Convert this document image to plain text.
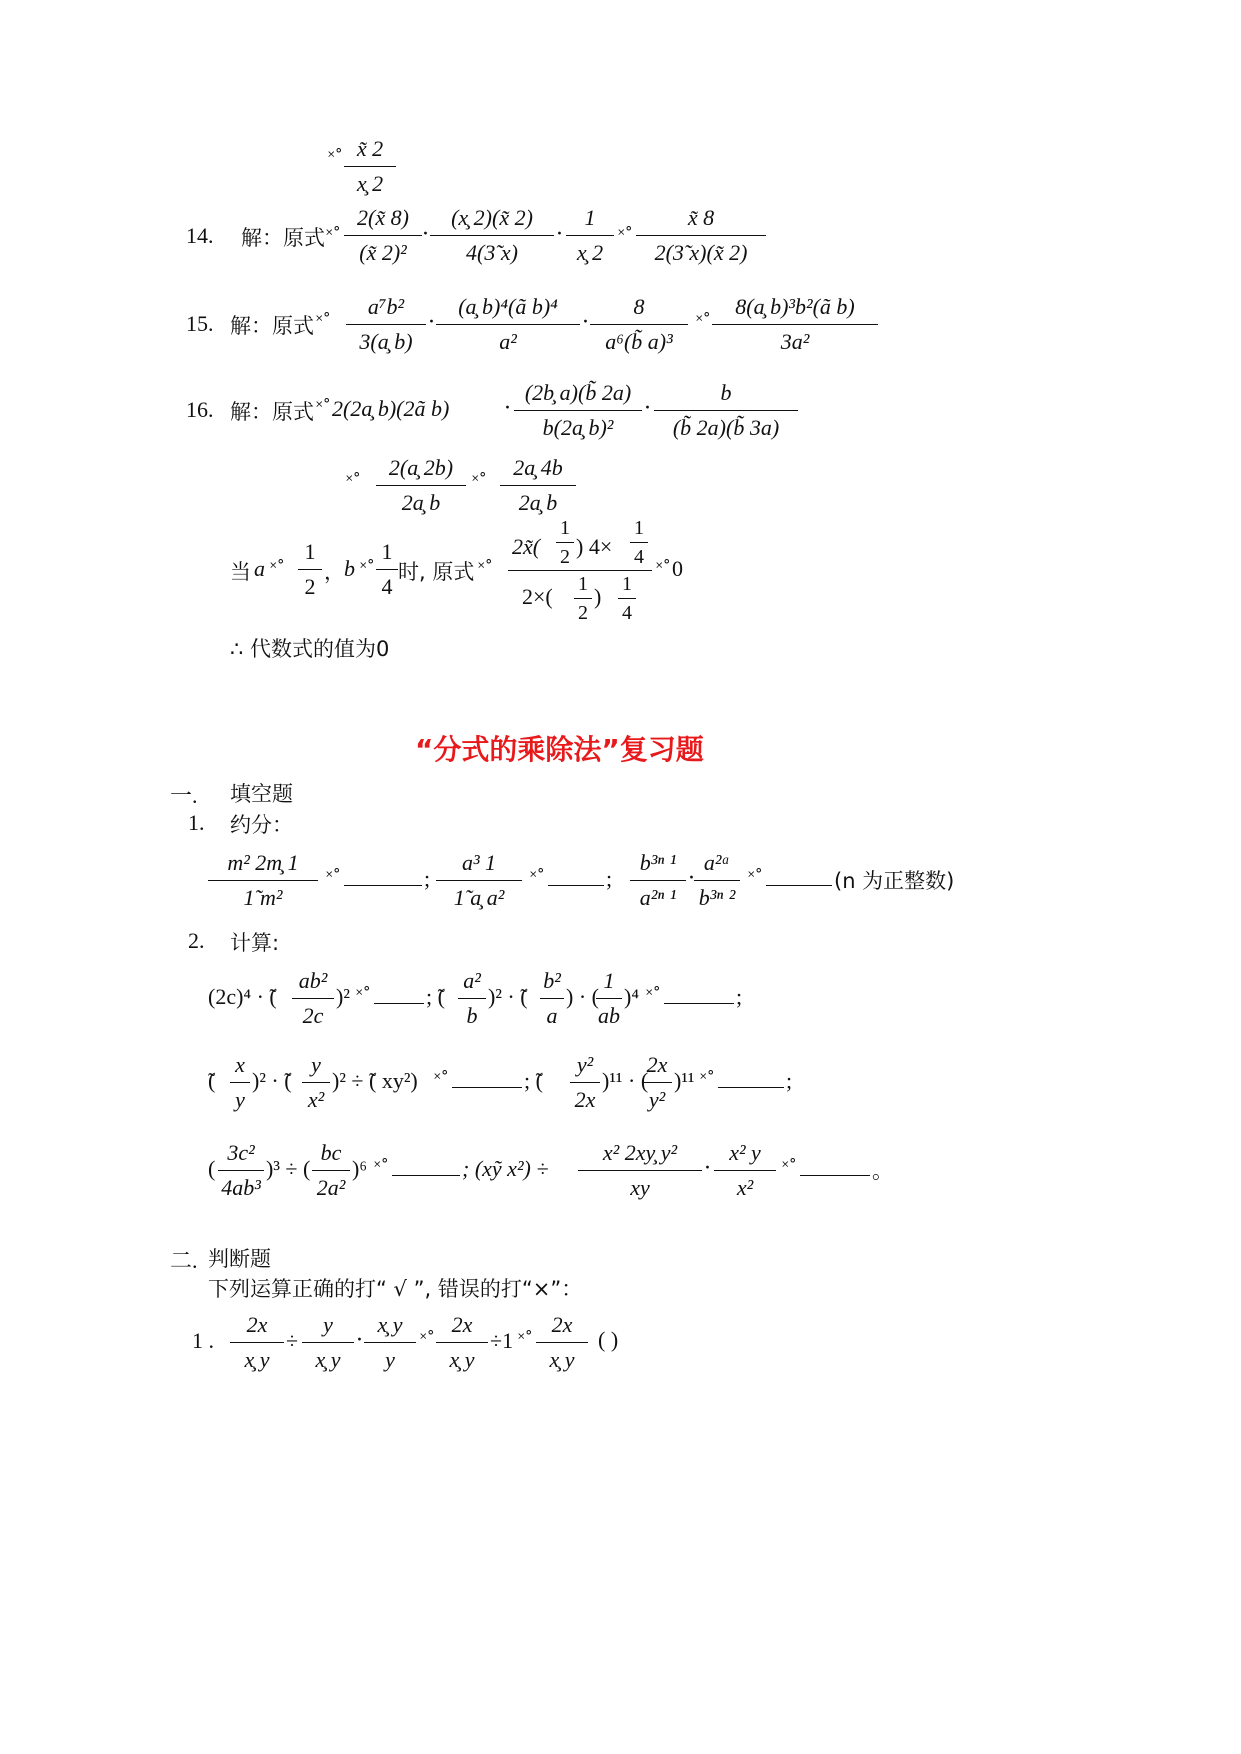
˟˚ x̃ 2
x̧ 2
14. 解：原式 ˟˚
2(x̃ 8)
(x̃ 2)²
·
(x̧ 2)(x̃ 2)
4(3̃ x)
·
1
x̧ 2
˟˚
x̃ 8
2(3̃ x)(x̃ 2)
15. 解：原式 ˟˚
a⁷b²
3(a̧ b)
·
(a̧ b)⁴(ã b)⁴
a²
·
8
a⁶(b̃ a)³
˟˚
8(a̧ b)³b²(ã b)
3a²
16. 解：原式 ˟˚ 2(2a̧ b)(2ã b) ·
(2b̧ a)(b̃ 2a)
b(2a̧ b)²
·
b
(b̃ 2a)(b̃ 3a)
˟˚
2(a̧ 2b)
2a̧ b
˟˚
2a̧ 4b
2a̧ b
当 a ˟˚
1
2
， b ˟˚
1
4
时, 原式 ˟˚
2x̃(
1
2 ) 4×
1
4
2×( 1
2
) 1
4
˟˚ 0
∴ 代数式的值为0
“分式的乘除法”复习题
一. 填空题
1. 约分：
m² 2m̧ 1
1̃ m²
˟˚	;
a³ 1
1̃ a̧ a²
˟˚	;
b³ⁿ ¹
a²ⁿ ¹
·
a²ᵃ
b³ⁿ ²
˟˚	(n 为正整数)
2. 计算:
(2c)⁴ · ̃(
ab²
2c
)² ˟˚	; ̃(
a²
b
)² · ̃(
b²
a
) · (
1
ab
)⁴ ˟˚	;
̃(
x
y
)² · ̃(
y
x²
)² ÷ ̃( xy²) ˟˚	; ̃(
y²
2x
)¹¹ · (
2x
y²
)¹¹ ˟˚	;
(
3c²
4ab³
)³ ÷ (
bc
2a²
)⁶ ˟˚	; (xỹ x²) ÷
x² 2xy̧ y²
xy
·
x² y
x²
˟˚	。
二. 判断题
下列运算正确的打“ √ ”, 错误的打“×”：
1 .
2x
x̧ y
÷
y
x̧ y
·
x̧ y
y
˟˚
2x
x̧ y
÷1 ˟˚
2x
x̧ y
( )
